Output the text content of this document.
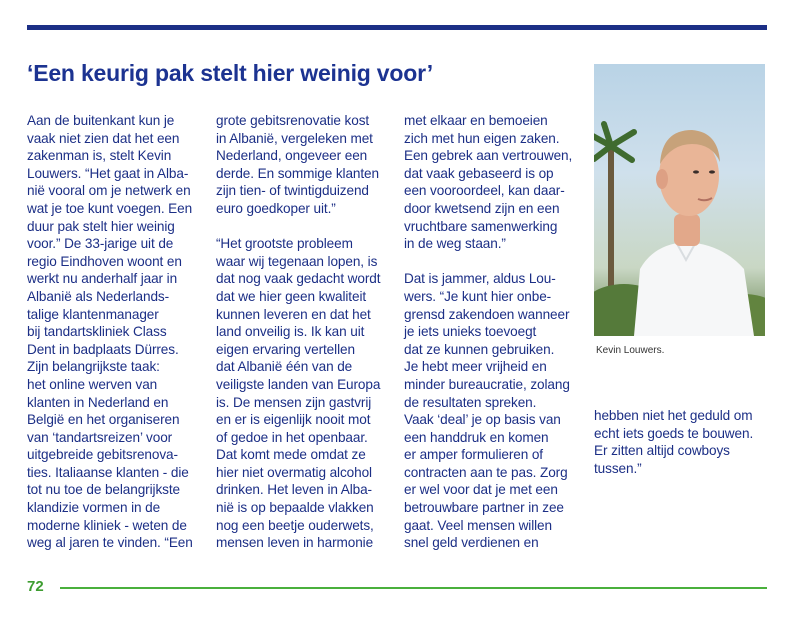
‘Een keurig pak stelt hier weinig voor’
Aan de buitenkant kun je
vaak niet zien dat het een
zakenman is, stelt Kevin
Louwers. “Het gaat in Alba-
nië vooral om je netwerk en
wat je toe kunt voegen. Een
duur pak stelt hier weinig
voor.” De 33-jarige uit de
regio Eindhoven woont en
werkt nu anderhalf jaar in
Albanië als Nederlands-
talige klantenmanager
bij tandartskliniek Class
Dent in badplaats Dürres.
Zijn belangrijkste taak:
het online werven van
klanten in Nederland en
België en het organiseren
van ‘tandartsreizen’ voor
uitgebreide gebitsrenova-
ties. Italiaanse klanten - die
tot nu toe de belangrijkste
klandizie vormen in de
moderne kliniek - weten de
weg al jaren te vinden. “Een
grote gebitsrenovatie kost
in Albanië, vergeleken met
Nederland, ongeveer een
derde. En sommige klanten
zijn tien- of twintigduizend
euro goedkoper uit.”
“Het grootste probleem
waar wij tegenaan lopen, is
dat nog vaak gedacht wordt
dat we hier geen kwaliteit
kunnen leveren en dat het
land onveilig is. Ik kan uit
eigen ervaring vertellen
dat Albanië één van de
veiligste landen van Europa
is. De mensen zijn gastvrij
en er is eigenlijk nooit mot
of gedoe in het openbaar.
Dat komt mede omdat ze
hier niet overmatig alcohol
drinken. Het leven in Alba-
nië is op bepaalde vlakken
nog een beetje ouderwets,
mensen leven in harmonie
met elkaar en bemoeien
zich met hun eigen zaken.
Een gebrek aan vertrouwen,
dat vaak gebaseerd is op
een vooroordeel, kan daar-
door kwetsend zijn en een
vruchtbare samenwerking
in de weg staan.”
Dat is jammer, aldus Lou-
wers. “Je kunt hier onbe-
grensd zakendoen wanneer
je iets unieks toevoegt
dat ze kunnen gebruiken.
Je hebt meer vrijheid en
minder bureaucratie, zolang
de resultaten spreken.
Vaak ‘deal’ je op basis van
een handdruk en komen
er amper formulieren of
contracten aan te pas. Zorg
er wel voor dat je met een
betrouwbare partner in zee
gaat. Veel mensen willen
snel geld verdienen en
hebben niet het geduld om
echt iets goeds te bouwen.
Er zitten altijd cowboys
tussen.”
Kevin Louwers.
72
